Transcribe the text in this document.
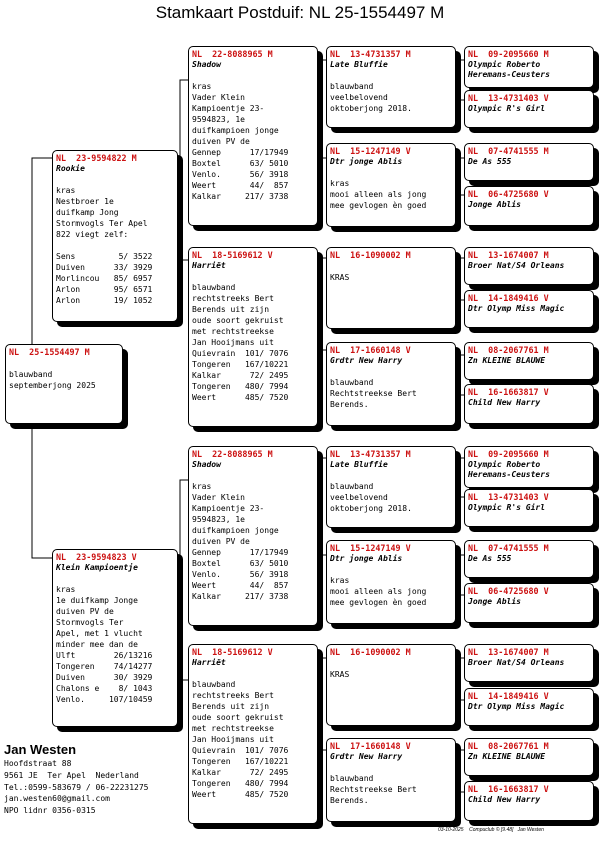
Stamkaart Postduif: NL 25-1554497 M
NL  25-1554497 M
blauwband
septemberjong 2025
NL  23-9594822 M
Rookie
kras
Nestbroer 1e
duifkamp Jong
Stormvogls Ter Apel
822 viegt zelf:

Sens         5/ 3522
Duiven      33/ 3929
Morlincou   85/ 6957
Arlon       95/ 6571
Arlon       19/ 1052
NL  23-9594823 V
Klein Kampioentje
kras
1e duifkamp Jonge
duiven PV de
Stormvogls Ter
Apel, met 1 vlucht
minder mee dan de
Ulft        26/13216
Tongeren    74/14277
Duiven      30/ 3929
Chalons e    8/ 1043
Venlo.     107/10459
NL  22-8088965 M
Shadow
kras
Vader Klein
Kampioentje 23-
9594823, 1e
duifkampioen jonge
duiven PV de
Gennep      17/17949
Boxtel      63/ 5010
Venlo.      56/ 3918
Weert       44/  857
Kalkar     217/ 3738
NL  18-5169612 V
Harriët
blauwband
rechtstreeks Bert
Berends uit zijn
oude soort gekruist
met rechtstreekse
Jan Hooijmans uit
Quievrain  101/ 7076
Tongeren   167/10221
Kalkar      72/ 2495
Tongeren   480/ 7994
Weert      485/ 7520
NL  22-8088965 M
Shadow
kras
Vader Klein
Kampioentje 23-
9594823, 1e
duifkampioen jonge
duiven PV de
Gennep      17/17949
Boxtel      63/ 5010
Venlo.      56/ 3918
Weert       44/  857
Kalkar     217/ 3738
NL  18-5169612 V
Harriët
blauwband
rechtstreeks Bert
Berends uit zijn
oude soort gekruist
met rechtstreekse
Jan Hooijmans uit
Quievrain  101/ 7076
Tongeren   167/10221
Kalkar      72/ 2495
Tongeren   480/ 7994
Weert      485/ 7520
NL  13-4731357 M
Late Bluffie
blauwband
veelbelovend
oktoberjong 2018.
NL  15-1247149 V
Dtr jonge Ablis
kras
mooi alleen als jong
mee gevlogen èn goed
NL  16-1090002 M
KRAS
NL  17-1660148 V
Grdtr New Harry
blauwband
Rechtstreekse Bert
Berends.
NL  13-4731357 M
Late Bluffie
blauwband
veelbelovend
oktoberjong 2018.
NL  15-1247149 V
Dtr jonge Ablis
kras
mooi alleen als jong
mee gevlogen èn goed
NL  16-1090002 M
KRAS
NL  17-1660148 V
Grdtr New Harry
blauwband
Rechtstreekse Bert
Berends.
NL  09-2095660 M
Olympic Roberto
Heremans-Ceusters
NL  13-4731403 V
Olympic R's Girl
NL  07-4741555 M
De As 555
NL  06-4725680 V
Jonge Ablis
NL  13-1674007 M
Broer Nat/S4 Orleans
NL  14-1849416 V
Dtr Olymp Miss Magic
NL  08-2067761 M
Zn KLEINE BLAUWE
NL  16-1663817 V
Child New Harry
NL  09-2095660 M
Olympic Roberto
Heremans-Ceusters
NL  13-4731403 V
Olympic R's Girl
NL  07-4741555 M
De As 555
NL  06-4725680 V
Jonge Ablis
NL  13-1674007 M
Broer Nat/S4 Orleans
NL  14-1849416 V
Dtr Olymp Miss Magic
NL  08-2067761 M
Zn KLEINE BLAUWE
NL  16-1663817 V
Child New Harry
Jan Westen
Hoofdstraat 88
9561 JE  Ter Apel  Nederland
Tel.:0599-583679 / 06-22231275
jan.westen60@gmail.com
NPO lidnr 0356-0315
03-10-2025    Compuclub © [9.48]   Jan Westen
